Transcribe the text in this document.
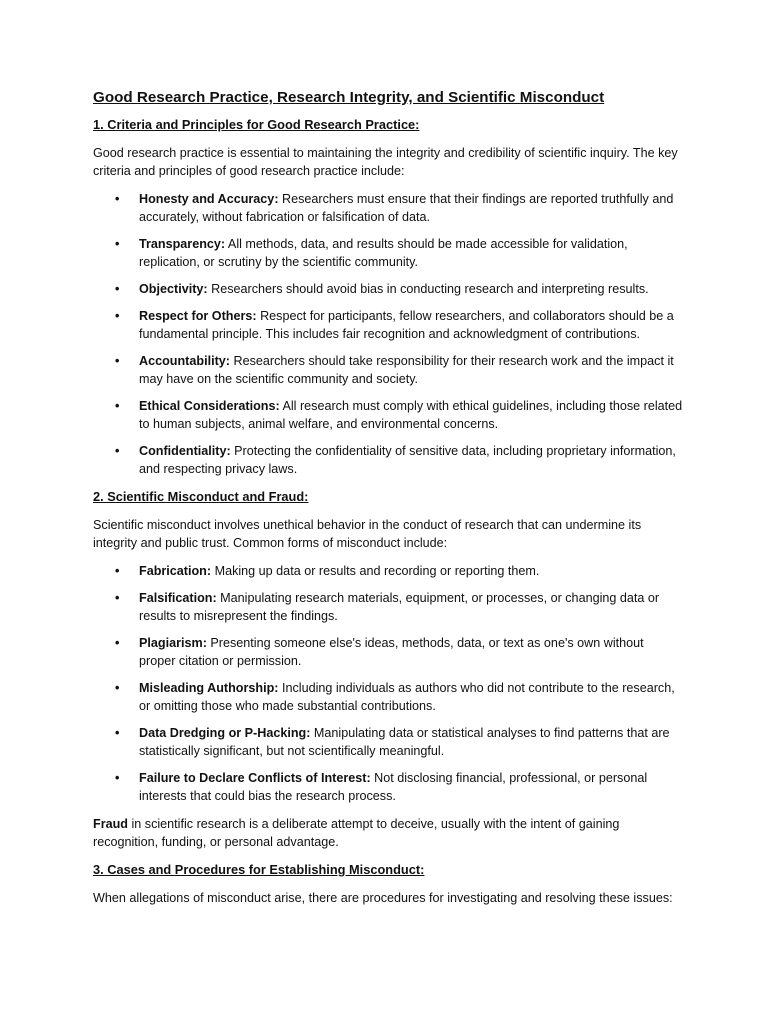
Good Research Practice, Research Integrity, and Scientific Misconduct
1. Criteria and Principles for Good Research Practice:
Good research practice is essential to maintaining the integrity and credibility of scientific inquiry. The key criteria and principles of good research practice include:
• Honesty and Accuracy: Researchers must ensure that their findings are reported truthfully and accurately, without fabrication or falsification of data.
• Transparency: All methods, data, and results should be made accessible for validation, replication, or scrutiny by the scientific community.
• Objectivity: Researchers should avoid bias in conducting research and interpreting results.
• Respect for Others: Respect for participants, fellow researchers, and collaborators should be a fundamental principle. This includes fair recognition and acknowledgment of contributions.
• Accountability: Researchers should take responsibility for their research work and the impact it may have on the scientific community and society.
• Ethical Considerations: All research must comply with ethical guidelines, including those related to human subjects, animal welfare, and environmental concerns.
• Confidentiality: Protecting the confidentiality of sensitive data, including proprietary information, and respecting privacy laws.
2. Scientific Misconduct and Fraud:
Scientific misconduct involves unethical behavior in the conduct of research that can undermine its integrity and public trust. Common forms of misconduct include:
• Fabrication: Making up data or results and recording or reporting them.
• Falsification: Manipulating research materials, equipment, or processes, or changing data or results to misrepresent the findings.
• Plagiarism: Presenting someone else's ideas, methods, data, or text as one's own without proper citation or permission.
• Misleading Authorship: Including individuals as authors who did not contribute to the research, or omitting those who made substantial contributions.
• Data Dredging or P-Hacking: Manipulating data or statistical analyses to find patterns that are statistically significant, but not scientifically meaningful.
• Failure to Declare Conflicts of Interest: Not disclosing financial, professional, or personal interests that could bias the research process.
Fraud in scientific research is a deliberate attempt to deceive, usually with the intent of gaining recognition, funding, or personal advantage.
3. Cases and Procedures for Establishing Misconduct:
When allegations of misconduct arise, there are procedures for investigating and resolving these issues:
